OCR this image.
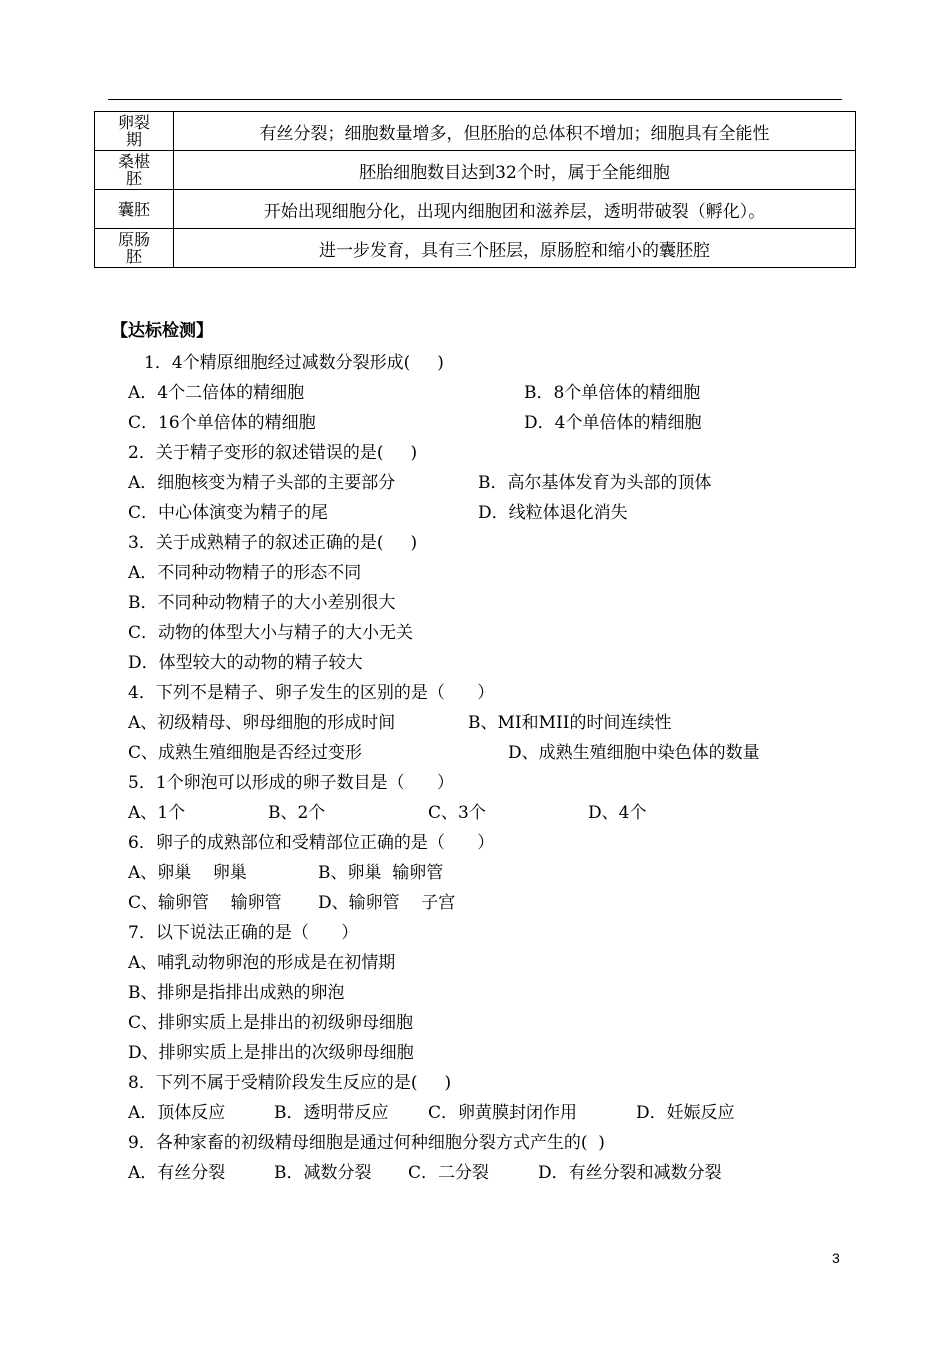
卵裂期	有丝分裂；细胞数量增多，但胚胎的总体积不增加；细胞具有全能性
桑椹胚	胚胎细胞数目达到32个时，属于全能细胞
囊胚	开始出现细胞分化，出现内细胞团和滋养层，透明带破裂（孵化）。
原肠胚	进一步发育，具有三个胚层，原肠腔和缩小的囊胚腔
【达标检测】
1．4个精原细胞经过减数分裂形成(     )
A．4个二倍体的精细胞	B．8个单倍体的精细胞
C．16个单倍体的精细胞	D．4个单倍体的精细胞
2．关于精子变形的叙述错误的是(     )
A．细胞核变为精子头部的主要部分	B．高尔基体发育为头部的顶体
C．中心体演变为精子的尾	D．线粒体退化消失
3．关于成熟精子的叙述正确的是(     )
A．不同种动物精子的形态不同
B．不同种动物精子的大小差别很大
C．动物的体型大小与精子的大小无关
D．体型较大的动物的精子较大
4．下列不是精子、卵子发生的区别的是（      ）
A、初级精母、卵母细胞的形成时间	B、MI和MII的时间连续性
C、成熟生殖细胞是否经过变形	D、成熟生殖细胞中染色体的数量
5．1个卵泡可以形成的卵子数目是（      ）
A、1个	B、2个	C、3个	D、4个
6．卵子的成熟部位和受精部位正确的是（      ）
A、卵巢    卵巢	B、卵巢  输卵管
C、输卵管    输卵管 D、输卵管    子宫
7．以下说法正确的是（      ）
A、哺乳动物卵泡的形成是在初情期
B、排卵是指排出成熟的卵泡
C、排卵实质上是排出的初级卵母细胞
D、排卵实质上是排出的次级卵母细胞
8．下列不属于受精阶段发生反应的是(     )
A．顶体反应	B．透明带反应 C．卵黄膜封闭作用	D．妊娠反应
9．各种家畜的初级精母细胞是通过何种细胞分裂方式产生的(  )
A．有丝分裂	B．减数分裂 C．二分裂	D．有丝分裂和减数分裂
3
